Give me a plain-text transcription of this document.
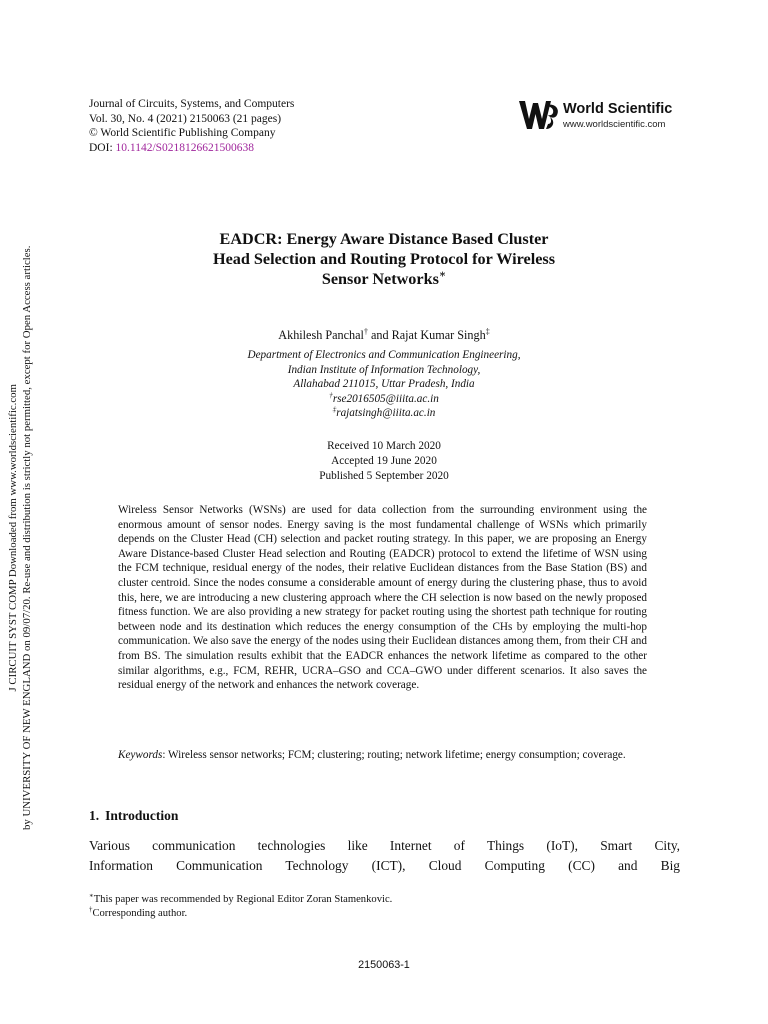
Journal of Circuits, Systems, and Computers
Vol. 30, No. 4 (2021) 2150063 (21 pages)
© World Scientific Publishing Company
DOI: 10.1142/S0218126621500638
World Scientific
www.worldscientific.com
J CIRCUIT SYST COMP Downloaded from www.worldscientific.com by UNIVERSITY OF NEW ENGLAND on 09/07/20. Re-use and distribution is strictly not permitted, except for Open Access articles.
EADCR: Energy Aware Distance Based Cluster
Head Selection and Routing Protocol for Wireless
Sensor Networks∗
Akhilesh Panchal† and Rajat Kumar Singh‡
Department of Electronics and Communication Engineering,
Indian Institute of Information Technology,
Allahabad 211015, Uttar Pradesh, India
†rse2016505@iiita.ac.in
‡rajatsingh@iiita.ac.in
Received 10 March 2020
Accepted 19 June 2020
Published 5 September 2020
Wireless Sensor Networks (WSNs) are used for data collection from the surrounding environment using the enormous amount of sensor nodes. Energy saving is the most fundamental challenge of WSNs which primarily depends on the Cluster Head (CH) selection and packet routing strategy. In this paper, we are proposing an Energy Aware Distance-based Cluster Head selection and Routing (EADCR) protocol to extend the lifetime of WSN using the FCM technique, residual energy of the nodes, their relative Euclidean distances from the Base Station (BS) and cluster centroid. Since the nodes consume a considerable amount of energy during the clustering phase, thus to avoid this, here, we are introducing a new clustering approach where the CH selection is now based on the newly proposed fitness function. We are also providing a new strategy for packet routing using the shortest path technique for routing between node and its destination which reduces the energy consumption of the CHs by employing the multi-hop communication. We also save the energy of the nodes using their Euclidean distances among them, from their CH and from BS. The simulation results exhibit that the EADCR enhances the network lifetime as compared to the other similar algorithms, e.g., FCM, REHR, UCRA–GSO and CCA–GWO under different scenarios. It also saves the residual energy of the network and enhances the network coverage.
Keywords: Wireless sensor networks; FCM; clustering; routing; network lifetime; energy consumption; coverage.
1. Introduction
Various communication technologies like Internet of Things (IoT), Smart City,
Information Communication Technology (ICT), Cloud Computing (CC) and Big
∗This paper was recommended by Regional Editor Zoran Stamenkovic.
†Corresponding author.
2150063-1
